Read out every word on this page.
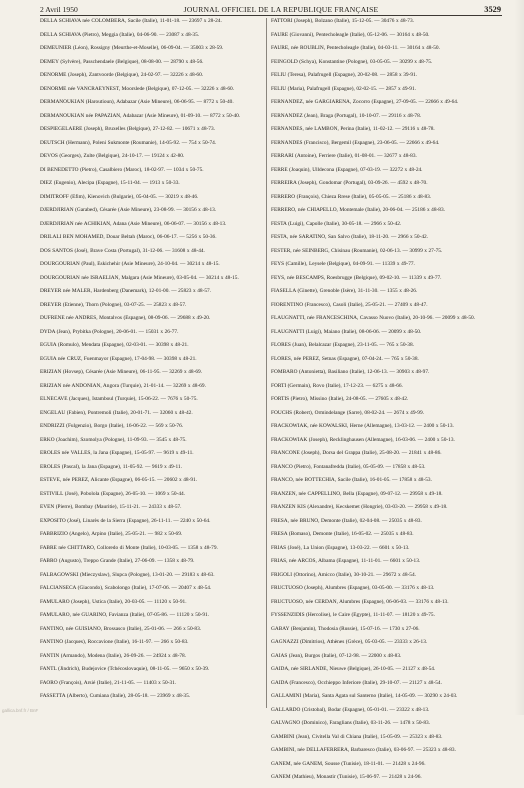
2 Avril 1950	JOURNAL OFFICIEL DE LA REPUBLIQUE FRANÇAISE	3529
DELLA SCHIAVA née COLOMBERA, Sacile (Italie), 11-01-18. — 23697 x 28-24.
DELLA SCHIAVA (Pietro), Meggia (Italie), 04-06-90. — 23087 x 48-35.
DEMEUNIER (Léon), Rossigny (Meurthe-et-Moselle), 06-09-04. — 35003 x 28-59.
DEMEY (Sylvère), Passchendaele (Belgique), 08-08-00. — 28790 x 48-56.
DENORME (Joseph), Zantvoorde (Belgique), 24-02-97. — 32226 x 48-60.
DENORME née VANCRAEYNEST, Moorslede (Belgique), 07-12-05. — 32226 x 48-60.
DERMANOUKIAN (Haroutioun), Adabazar (Asie Mineure), 06-06-95. — 8772 x 50-40.
DERMANOUKIAN née PAPAZIAN, Adabazar (Asie Mineure), 01-09-10. — 8772 x 50-40.
DESPIEGELAERE (Joseph), Bruxelles (Belgique), 27-12-82. — 10671 x 48-73.
DEUTSCH (Hermann), Poleni Sukmonte (Roumanie), 14-05-92. — 754 x 50-74.
DEVOS (Georges), Zulte (Belgique), 24-10-17. — 19124 x 42-80.
DI BENEDETTO (Pietro), Casalbiero (Maroc), 18-02-97. — 1034 x 50-75.
DIEZ (Eugenio), Alecipa (Espagne), 15-11-04. — 1913 x 50-33.
DIMITROFF (Efim), Kienovich (Bulgarie), 05-04-05. — 30219 x 48-46.
DJERDJIRIAN (Garabed), Césarée (Asie Mineure), 23-08-99. — 30156 x 48-13.
DJERDJIRIAN née ACHIKIAN, Adana (Asie Mineure), 06-06-07. — 30156 x 48-13.
DRILALI BEN MOHAMED, Douar Beltah (Maroc), 06-06-17. — 5256 x 50-36.
DOS SANTOS (José), Brave Costa (Portugal), 31-12-06. — 31608 x 48-44.
DOURGOURIAN (Paul), Eskichehir (Asie Mineure), 24-10-04. — 30214 x 48-15.
DOURGOURIAN née ISRAELIAN, Malgara (Asie Mineure), 03-05-04. — 30214 x 48-15.
DREYER née MALER, Hardenberg (Danemark), 12-01-00. — 25823 x 48-57.
DREYER (Etienne), Thorn (Pologne), 03-07-25. — 25823 x 48-57.
DUFRENE née ANDRES, Montalvos (Espagne), 08-09-06. — 29688 x 49-20.
DYDA (Jean), Prybitka (Pologne), 20-06-01. — 15031 x 26-77.
EGUIA (Romulo), Mendata (Espagne), 02-03-01. — 30398 x 48-21.
EGUIA née CRUZ, Fuenmayor (Espagne), 17-04-98. — 30398 x 48-21.
ERIZIAN (Hovsep), Césarée (Asie Mineure), 06-11-95. — 32269 x 48-69.
ERIZIAN née ANDONIAN, Angora (Turquie), 21-01-14. — 32269 x 48-69.
ELNECAVE (Jacques), Istamboul (Turquie), 15-06-22. — 7676 x 50-75.
ENGELAU (Fabien), Pontremoli (Italie), 20-01-71. — 32060 x 48-42.
ENDRIZZI (Fulgenzio), Borgo (Italie), 16-06-22. — 569 x 50-76.
ERKO (Joachim), Szomolya (Pologne), 11-09-93. — 3545 x 48-75.
EROLES née VALLES, la Jana (Espagne), 15-05-97. — 9619 x 49-11.
EROLES (Pascal), la Jana (Espagne), 11-05-92. — 9619 x 49-11.
ESTEVE, née PEREZ, Alicante (Espagne), 06-05-15. — 20602 x 48-91.
ESTIVILL (José), Pobolola (Espagne), 26-05-10. — 1069 x 50-44.
EVEN (Pierre), Bombay (Mauritie), 15-11-21. — 24333 x 48-57.
EXPOSITO (José), Linarès de la Sierra (Espagne), 26-11-11. — 2240 x 50-64.
FABBRIZIO (Angelo), Arpino (Italie), 25-05-21. — 982 x 50-69.
FABRE née CHITTARO, Colloredo di Monte (Italie), 10-03-05. — 1358 x 48-79.
FABRO (Augusto), Treppo Grande (Italie), 27-06-09. — 1358 x 48-79.
FALBAGOWSKI (Mieczyslaw), Slupca (Pologne), 13-01-20. — 29183 x 48-63.
FALCIANSECA (Giacondo), Scabolongo (Italie), 17-07-06. — 20407 x 48-54.
FAMULARO (Joseph), Ustica (Italie), 20-03-05. — 11120 x 50-91.
FAMULARO, née GUARINO, Favianza (Italie), 07-05-86. — 11120 x 50-91.
FANTINO, née GUISIANO, Brossasco (Italie), 25-01-06. — 266 x 50-83.
FANTINO (Jacques), Roccavione (Italie), 16-11-97. — 266 x 50-83.
FANTIN (Armando), Modena (Italie), 26-09-26. — 24924 x 48-78.
FANTL (Jindrich), Budejovice (Tchécoslovaquie), 08-11-05. — 9650 x 50-39.
FAORO (François), Arsié (Italie), 21-11-05. — 11403 x 50-31.
FASSETTA (Alberto), Cumiana (Italie), 28-05-18. — 23969 x 48-35.
FATTORI (Joseph), Bolzano (Italie), 15-12-05. — 30476 x 48-73.
FAURE (Giovanni), Pentecholeagle (Italie), 05-12-06. — 30164 x 48-50.
FAURE, née ROUBLIN, Pentecholeagle (Italie), 04-03-11. — 30164 x 48-50.
FEINGOLD (Schya), Konstantine (Pologne), 03-05-05. — 30299 x 48-75.
FELIU (Teresa), Palafrugell (Espagne), 20-02-08. — 2858 x 39-91.
FELIU (Maria), Palafrugell (Espagne), 02-02-15. — 2857 x 49-91.
FERNANDEZ, née GARGIARENA, Zocorro (Espagne), 27-09-05. — 22666 x 49-64.
FERNANDEZ (Jean), Braga (Portugal), 10-10-07. — 29116 x 48-78.
FERNANDES, née LAMBON, Perina (Italie), 11-02-12. — 29116 x 48-78.
FERNANDES (Francisco), Bergemil (Espagne), 23-06-05. — 22666 x 49-64.
FERRARI (Antoine), Ferriere (Italie), 01-08-01. — 32677 x 48-83.
FERRE (Joaquin), Ulldecona (Espagne), 07-03-19. — 32272 x 48-24.
FERREIRA (Joseph), Gondomar (Portugal), 03-09-26. — 4592 x 48-70.
FERRERO (François), Chieza Rrese (Italie), 05-05-05. — 25186 x 48-83.
FERRERO, née CHIAPELLO, Montemale (Italie), 20-06-04. — 25186 x 48-83.
FESTA (Luigi), Capolle (Italie), 30-05-18. — 2966 x 50-42.
FESTA, née SARATINO, San Salvo (Italie), 18-11-20. — 2966 x 50-42.
FESTER, née SEINBERG, Chisinau (Roumanie), 02-06-13. — 30999 x 27-75.
FEYS (Camille), Leysele (Belgique), 04-09-91. — 11339 x 49-77.
FEYS, née BESCAMPS, Roesbrugge (Belgique), 09-02-10. — 11339 x 49-77.
FIASELLA (Ginette), Grenoble (Isère), 31-11-30. — 1355 x 48-26.
FIORENTINO (Francesco), Casoli (Italie), 25-05-21. — 27409 x 48-47.
FLAUGNATTI, née FRANCESCHINA, Cavasso Nuovo (Italie), 20-10-96. — 20099 x 48-50.
FLAUGNATTI (Luigi), Maiano (Italie), 08-06-06. — 20099 x 48-50.
FLORES (Juan), Belalcazar (Espagne), 23-11-05. — 765 x 50-38.
FLORES, née PEREZ, Setnas (Espagne), 07-04-24. — 765 x 50-38.
FOMBARO (Antonietta), Basiliano (Italie), 12-06-13. — 30903 x 48-97.
FORTI (Germain), Rovo (Italie), 17-12-23. — 6275 x 48-66.
FORTIS (Pietro), Missino (Italie), 24-08-05. — 27605 x 48-42.
FOUCHS (Robert), Ormindelange (Sarre), 08-02-24. — 2674 x 49-99.
FRACKOWIAK, née KOWALSKI, Herne (Allemagne), 13-03-12. — 2400 x 50-13.
FRACKOWIAK (Joseph), Recklinghausen (Allemagne), 16-03-06. — 2400 x 50-13.
FRANCONE (Joseph), Dorsa del Grappa (Italie), 25-08-20. — 21841 x 48-86.
FRANCO (Pietro), Fontanafredda (Italie), 05-05-09. — 17858 x 48-53.
FRANCO, née BOTTECHIA, Sacile (Italie), 16-01-05. — 17858 x 48-53.
FRANZEN, née CAPPELLINO, Bella (Espagne), 09-07-12. — 29958 x 49-18.
FRANZEN KIS (Alexandre), Kecskemet (Hongrie), 03-03-20. — 29958 x 49-18.
FRESA, née BRUNO, Demonte (Italie), 02-04-08. — 25035 x 48-83.
FRESA (Bomaso), Demonte (Italie), 16-05-02. — 25035 x 48-83.
FRIAS (José), La Union (Espagne), 13-03-22. — 6601 x 50-13.
FRIAS, née ARCOS, Albama (Espagne), 11-11-01. — 6601 x 50-13.
FRIGOLI (Ottorino), Amicco (Italie), 30-10-21. — 29672 x 48-54.
FRUCTUOSO (Joseph), Alumbres (Espagne), 03-05-00. — 33176 x 48-13.
FRUCTUOSO, née CERDAN, Alumbres (Espagne), 06-06-03. — 33176 x 48-13.
FYSSENZIDIS (Hercolise), le Caire (Egypte), 11-11-07. — 18120 x 49-75.
GABAY (Benjamin), Thodosia (Russie), 15-07-16. — 1730 x 27-06.
GAGNAZZI (Dimitrios), Athènes (Grèce), 05-03-05. — 23333 x 26-13.
GAIAS (Jean), Burgos (Italie), 07-12-98. — 22000 x 48-83.
GAIDA, née SIRLANDE, Nieuwe (Belgique), 26-10-05. — 21127 x 48-54.
GAIDA (Francesco), Occhieppo Inferiore (Italie), 29-10-07. — 21127 x 48-54.
GALLAMINI (Maria), Santa Agata sul Santerno (Italie), 14-05-09. — 30290 x 24-03.
GALLARDO (Cristobal), Bodar (Espagne), 05-01-01. — 23322 x 48-13.
GALVAGNO (Dominico), Faraglians (Italie), 03-11-26. — 1478 x 50-83.
GAMBINI (Jean), Civitella Val di Chiana (Italie), 15-05-09. — 25323 x 48-83.
GAMBINI, née DELLAFERRERA, Barbaresco (Italie), 03-06-97. — 25323 x 48-83.
GANEM, née GANEM, Sousse (Tunisie), 18-11-01. — 21428 x 24-96.
GANEM (Mathieu), Monastir (Tunisie), 15-06-97. — 21428 x 24-96.
gallica.bnf.fr / BnF
